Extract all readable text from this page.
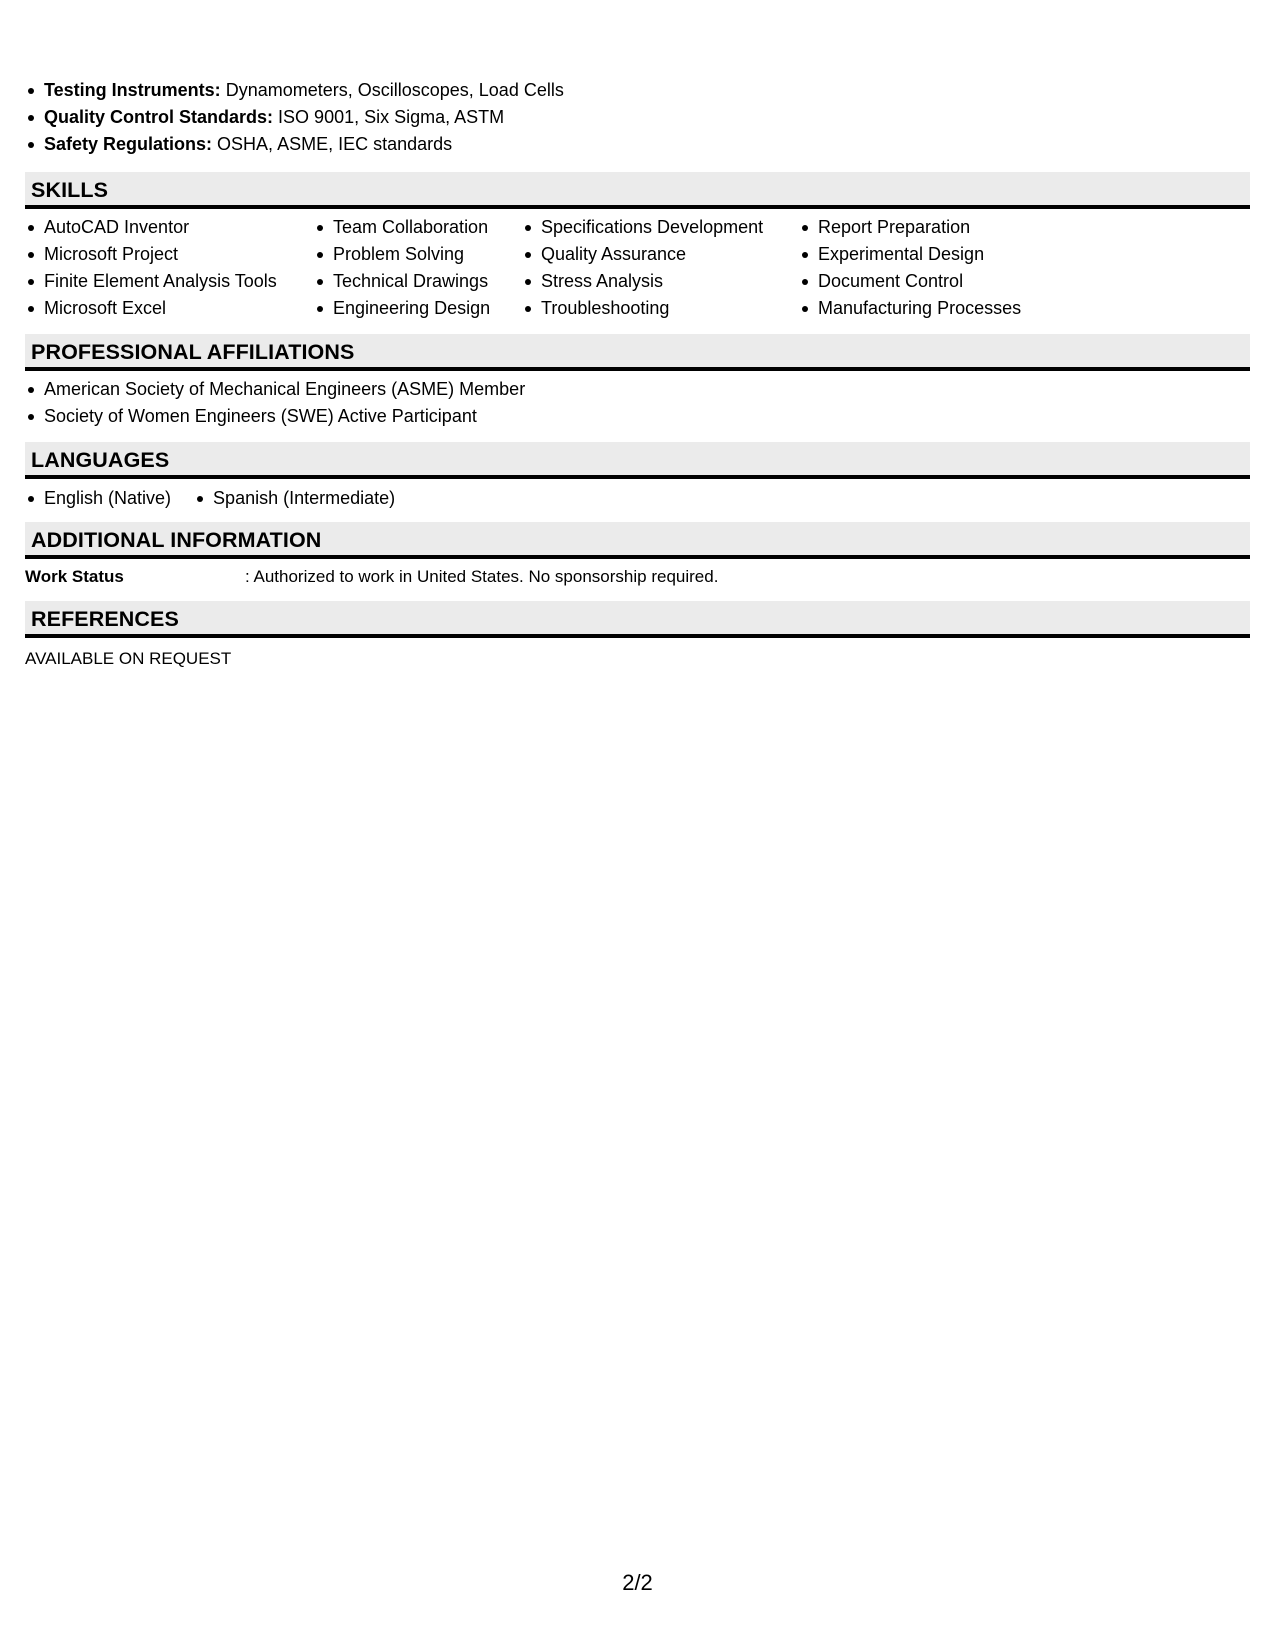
Testing Instruments: Dynamometers, Oscilloscopes, Load Cells
Quality Control Standards: ISO 9001, Six Sigma, ASTM
Safety Regulations: OSHA, ASME, IEC standards
SKILLS
AutoCAD Inventor
Microsoft Project
Finite Element Analysis Tools
Microsoft Excel
Team Collaboration
Problem Solving
Technical Drawings
Engineering Design
Specifications Development
Quality Assurance
Stress Analysis
Troubleshooting
Report Preparation
Experimental Design
Document Control
Manufacturing Processes
PROFESSIONAL AFFILIATIONS
American Society of Mechanical Engineers (ASME) Member
Society of Women Engineers (SWE) Active Participant
LANGUAGES
English (Native)	Spanish (Intermediate)
ADDITIONAL INFORMATION
Work Status	: Authorized to work in United States. No sponsorship required.
REFERENCES
AVAILABLE ON REQUEST
2/2
